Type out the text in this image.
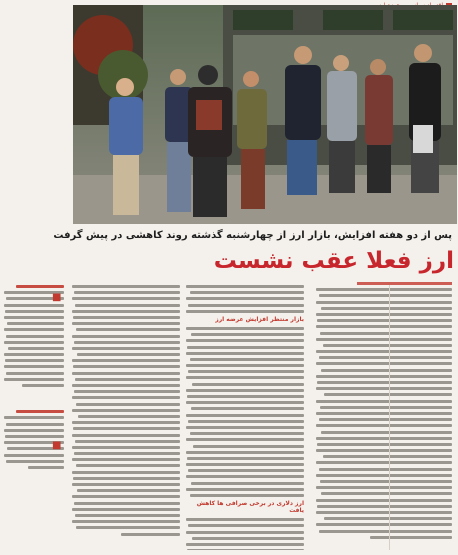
پس از دو هفته افزایش، بازار ارز از چهارشنبه گذشته روند کاهشی در پیش گرفت
ارز فعلا عقب نشست
بازار منتظر افزایش عرضه ارز
ارز دلاری در برخی صرافی ها کاهش یافت
■
■
